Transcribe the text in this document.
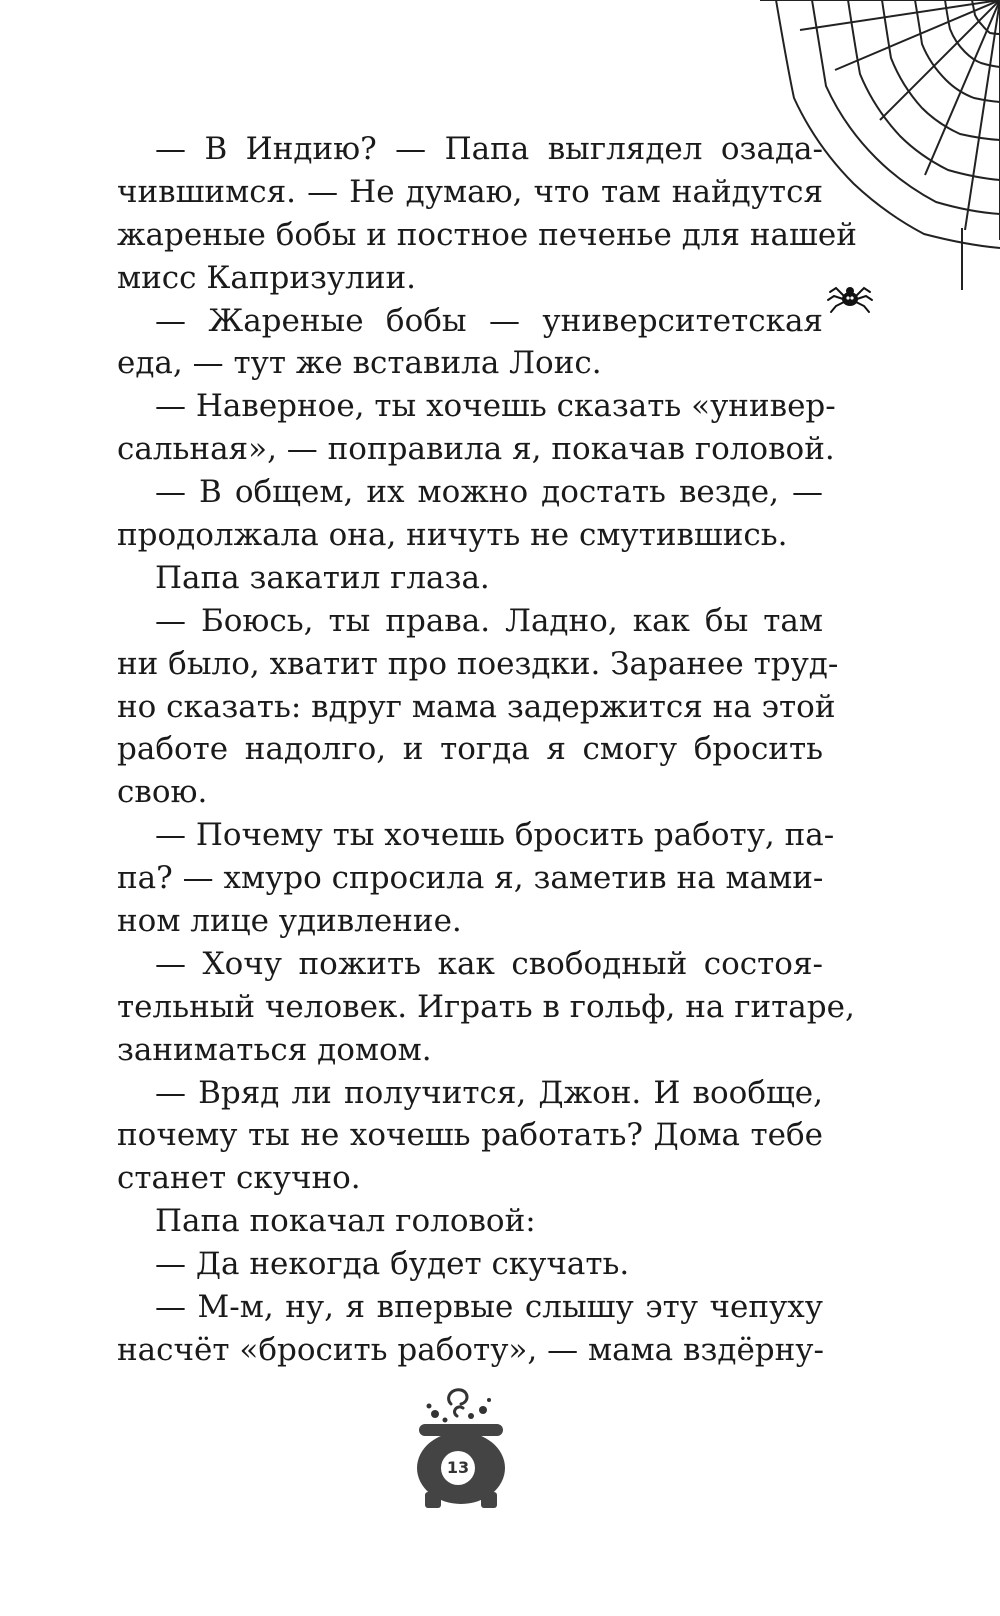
— В Индию? — Папа выглядел озада-
чившимся. — Не думаю, что там найдутся
жареные бобы и постное печенье для нашей
мисс Капризулии.
— Жареные бобы — университетская
еда, — тут же вставила Лоис.
— Наверное, ты хочешь сказать «универ-
сальная», — поправила я, покачав головой.
— В общем, их можно достать везде, —
продолжала она, ничуть не смутившись.
Папа закатил глаза.
— Боюсь, ты права. Ладно, как бы там
ни было, хватит про поездки. Заранее труд-
но сказать: вдруг мама задержится на этой
работе надолго, и тогда я смогу бросить
свою.
— Почему ты хочешь бросить работу, па-
па? — хмуро спросила я, заметив на мами-
ном лице удивление.
— Хочу пожить как свободный состоя-
тельный человек. Играть в гольф, на гитаре,
заниматься домом.
— Вряд ли получится, Джон. И вообще,
почему ты не хочешь работать? Дома тебе
станет скучно.
Папа покачал головой:
— Да некогда будет скучать.
— М-м, ну, я впервые слышу эту чепуху
насчёт «бросить работу», — мама вздёрну-
13
